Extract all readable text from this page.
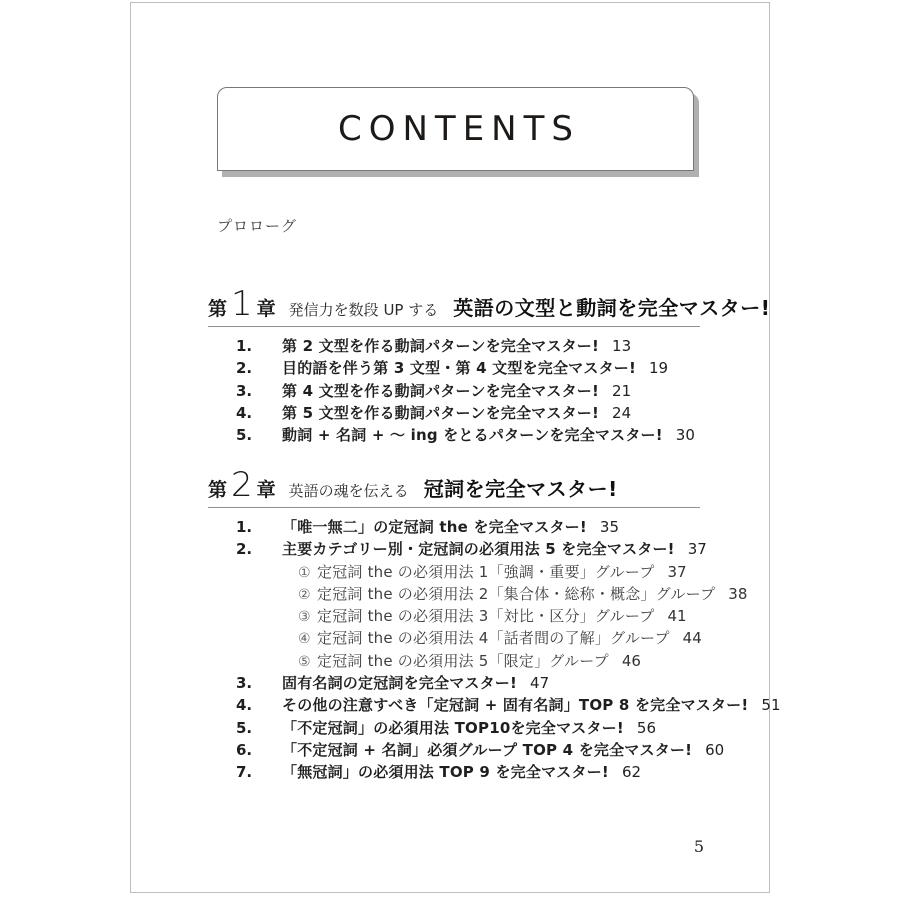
CONTENTS
プロローグ
第 1 章 発信力を数段 UP する 英語の文型と動詞を完全マスター!
1.	第 2 文型を作る動詞パターンを完全マスター! 13
2.	目的語を伴う第 3 文型・第 4 文型を完全マスター! 19
3.	第 4 文型を作る動詞パターンを完全マスター! 21
4.	第 5 文型を作る動詞パターンを完全マスター! 24
5.	動詞 + 名詞 + 〜 ing をとるパターンを完全マスター! 30
第 2 章 英語の魂を伝える 冠詞を完全マスター!
1.	「唯一無二」の定冠詞 the を完全マスター! 35
2.	主要カテゴリー別・定冠詞の必須用法 5 を完全マスター! 37
① 定冠詞 the の必須用法 1「強調・重要」グループ 37
② 定冠詞 the の必須用法 2「集合体・総称・概念」グループ 38
③ 定冠詞 the の必須用法 3「対比・区分」グループ 41
④ 定冠詞 the の必須用法 4「話者間の了解」グループ 44
⑤ 定冠詞 the の必須用法 5「限定」グループ 46
3.	固有名詞の定冠詞を完全マスター! 47
4.	その他の注意すべき「定冠詞 + 固有名詞」TOP 8 を完全マスター! 51
5.	「不定冠詞」の必須用法 TOP10を完全マスター! 56
6.	「不定冠詞 + 名詞」必須グループ TOP 4 を完全マスター! 60
7.	「無冠詞」の必須用法 TOP 9 を完全マスター! 62
5
